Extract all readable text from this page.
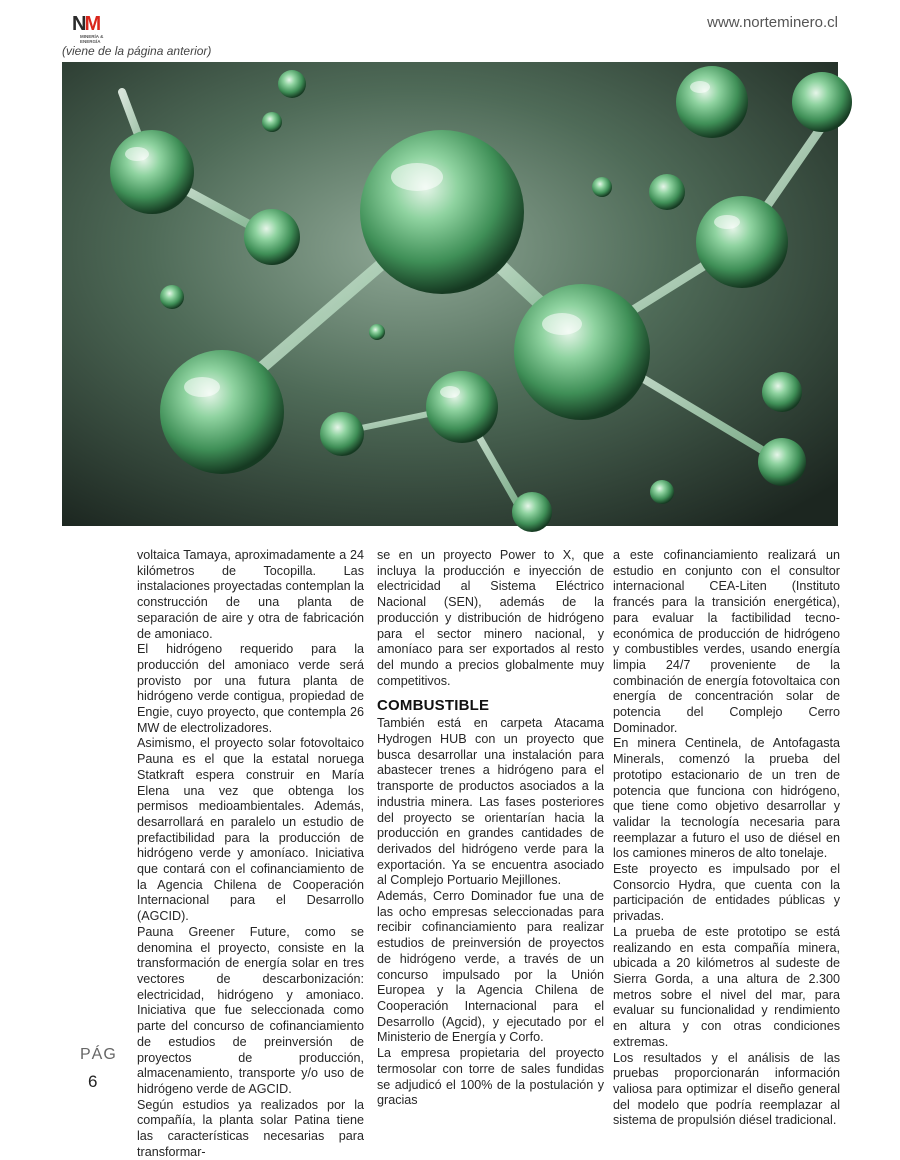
NM
MINERÍA & ENERGÍA
www.norteminero.cl
(viene de la página anterior)

voltaica Tamaya, aproximadamente a 24 kilómetros de Tocopilla. Las instalaciones proyectadas contemplan la construcción de una planta de separación de aire y otra de fabricación de amoniaco.

El hidrógeno requerido para la producción del amoniaco verde será provisto por una futura planta de hidrógeno verde contigua, propiedad de Engie, cuyo proyecto, que contempla 26 MW de electrolizadores.

Asimismo, el proyecto solar fotovoltaico Pauna es el que la estatal noruega Statkraft espera construir en María Elena una vez que obtenga los permisos medioambientales. Además, desarrollará en paralelo un estudio de prefactibilidad para la producción de hidrógeno verde y amoníaco. Iniciativa que contará con el cofinanciamiento de la Agencia Chilena de Cooperación Internacional para el Desarrollo (AGCID).

Pauna Greener Future, como se denomina el proyecto, consiste en la transformación de energía solar en tres vectores de descarbonización: electricidad, hidrógeno y amoniaco. Iniciativa que fue seleccionada como parte del concurso de cofinanciamiento de estudios de preinversión de proyectos de producción, almacenamiento, transporte y/o uso de hidrógeno verde de AGCID.

Según estudios ya realizados por la compañía, la planta solar Patina tiene las características necesarias para transformar-

se en un proyecto Power to X, que incluya la producción e inyección de electricidad al Sistema Eléctrico Nacional (SEN), además de la producción y distribución de hidrógeno para el sector minero nacional, y amoníaco para ser exportados al resto del mundo a precios globalmente muy competitivos.

COMBUSTIBLE

También está en carpeta Atacama Hydrogen HUB con un proyecto que busca desarrollar una instalación para abastecer trenes a hidrógeno para el transporte de productos asociados a la industria minera. Las fases posteriores del proyecto se orientarían hacia la producción en grandes cantidades de derivados del hidrógeno verde para la exportación. Ya se encuentra asociado al Complejo Portuario Mejillones.

Además, Cerro Dominador fue una de las ocho empresas seleccionadas para recibir cofinanciamiento para realizar estudios de preinversión de proyectos de hidrógeno verde, a través de un concurso impulsado por la Unión Europea y la Agencia Chilena de Cooperación Internacional para el Desarrollo (Agcid), y ejecutado por el Ministerio de Energía y Corfo.

La empresa propietaria del proyecto termosolar con torre de sales fundidas se adjudicó el 100% de la postulación y gracias

a este cofinanciamiento realizará un estudio en conjunto con el consultor internacional CEA-Liten (Instituto francés para la transición energética), para evaluar la factibilidad tecno-económica de producción de hidrógeno y combustibles verdes, usando energía limpia 24/7 proveniente de la combinación de energía fotovoltaica con energía de concentración solar de potencia del Complejo Cerro Dominador.

En minera Centinela, de Antofagasta Minerals, comenzó la prueba del prototipo estacionario de un tren de potencia que funciona con hidrógeno, que tiene como objetivo desarrollar y validar la tecnología necesaria para reemplazar a futuro el uso de diésel en los camiones mineros de alto tonelaje.

Este proyecto es impulsado por el Consorcio Hydra, que cuenta con la participación de entidades públicas y privadas.

La prueba de este prototipo se está realizando en esta compañía minera, ubicada a 20 kilómetros al sudeste de Sierra Gorda, a una altura de 2.300 metros sobre el nivel del mar, para evaluar su funcionalidad y rendimiento en altura y con otras condiciones extremas.

Los resultados y el análisis de las pruebas proporcionarán información valiosa para optimizar el diseño general del modelo que podría reemplazar al sistema de propulsión diésel tradicional.

PÁG
6
